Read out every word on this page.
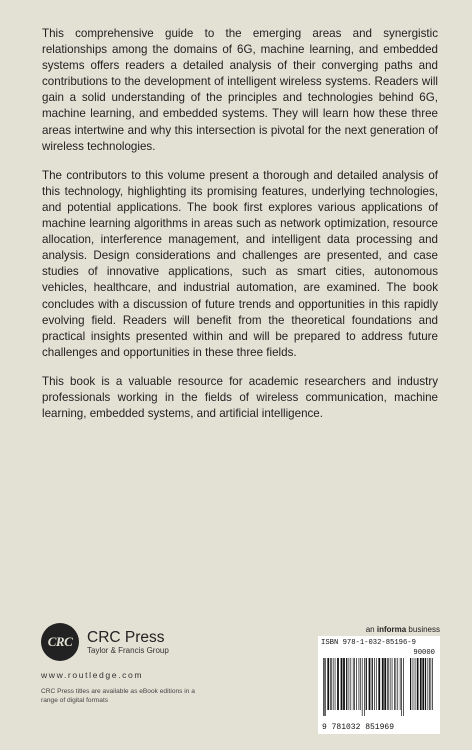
This comprehensive guide to the emerging areas and synergistic relationships among the domains of 6G, machine learning, and embedded systems offers readers a detailed analysis of their converging paths and contributions to the development of intelligent wireless systems. Readers will gain a solid understanding of the principles and technologies behind 6G, machine learning, and embedded systems. They will learn how these three areas intertwine and why this intersection is pivotal for the next generation of wireless technologies.

The contributors to this volume present a thorough and detailed analysis of this technology, highlighting its promising features, underlying technologies, and potential applications. The book first explores various applications of machine learning algorithms in areas such as network optimization, resource allocation, interference management, and intelligent data processing and analysis. Design considerations and challenges are presented, and case studies of innovative applications, such as smart cities, autonomous vehicles, healthcare, and industrial automation, are examined. The book concludes with a discussion of future trends and opportunities in this rapidly evolving field. Readers will benefit from the theoretical foundations and practical insights presented within and will be prepared to address future challenges and opportunities in these three fields.

This book is a valuable resource for academic researchers and industry professionals working in the fields of wireless communication, machine learning, embedded systems, and artificial intelligence.

CRC CRC Press
Taylor & Francis Group
www.routledge.com
CRC Press titles are available as eBook editions in a range of digital formats
an informa business
ISBN 978-1-032-85196-9
90000
9 781032 851969
